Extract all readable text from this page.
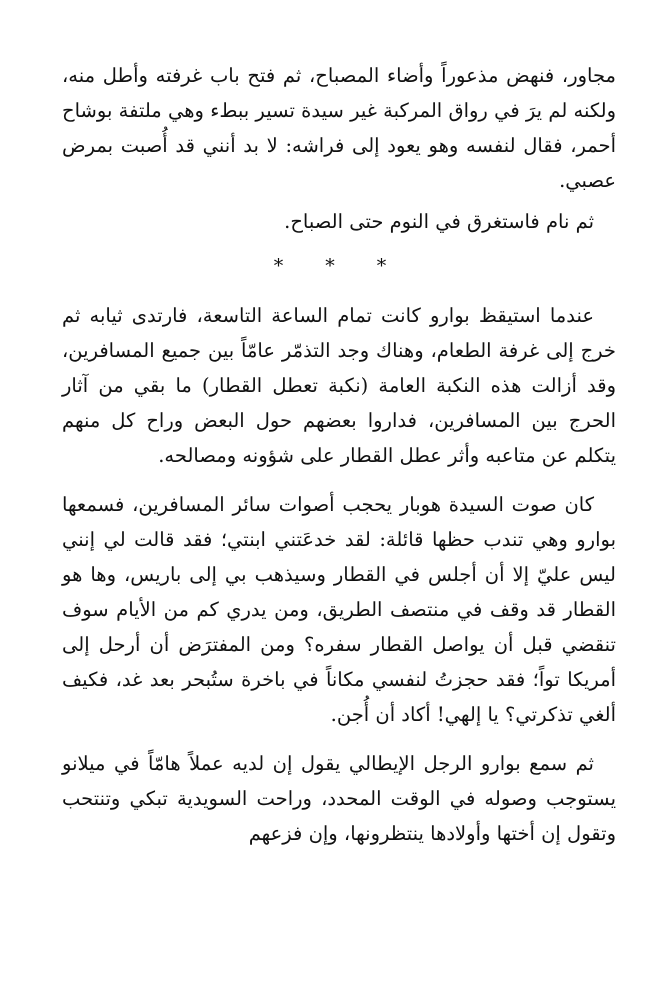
مجاور، فنهض مذعوراً وأضاء المصباح، ثم فتح باب غرفته وأطل منه، ولكنه لم يرَ في رواق المركبة غير سيدة تسير ببطء وهي ملتفة بوشاح أحمر، فقال لنفسه وهو يعود إلى فراشه: لا بد أنني قد أُصبت بمرض عصبي.

ثم نام فاستغرق في النوم حتى الصباح.

* * *

عندما استيقظ بوارو كانت تمام الساعة التاسعة، فارتدى ثيابه ثم خرج إلى غرفة الطعام، وهناك وجد التذمّر عامّاً بين جميع المسافرين، وقد أزالت هذه النكبة العامة (نكبة تعطل القطار) ما بقي من آثار الحرج بين المسافرين، فداروا بعضهم حول البعض وراح كل منهم يتكلم عن متاعبه وأثر عطل القطار على شؤونه ومصالحه.

كان صوت السيدة هوبار يحجب أصوات سائر المسافرين، فسمعها بوارو وهي تندب حظها قائلة: لقد خدعَتني ابنتي؛ فقد قالت لي إنني ليس عليّ إلا أن أجلس في القطار وسيذهب بي إلى باريس، وها هو القطار قد وقف في منتصف الطريق، ومن يدري كم من الأيام سوف تنقضي قبل أن يواصل القطار سفره؟ ومن المفترَض أن أرحل إلى أمريكا تواً؛ فقد حجزتُ لنفسي مكاناً في باخرة ستُبحر بعد غد، فكيف ألغي تذكرتي؟ يا إلهي! أكاد أن أُجن.

ثم سمع بوارو الرجل الإيطالي يقول إن لديه عملاً هامّاً في ميلانو يستوجب وصوله في الوقت المحدد، وراحت السويدية تبكي وتنتحب وتقول إن أختها وأولادها ينتظرونها، وإن فزعهم
